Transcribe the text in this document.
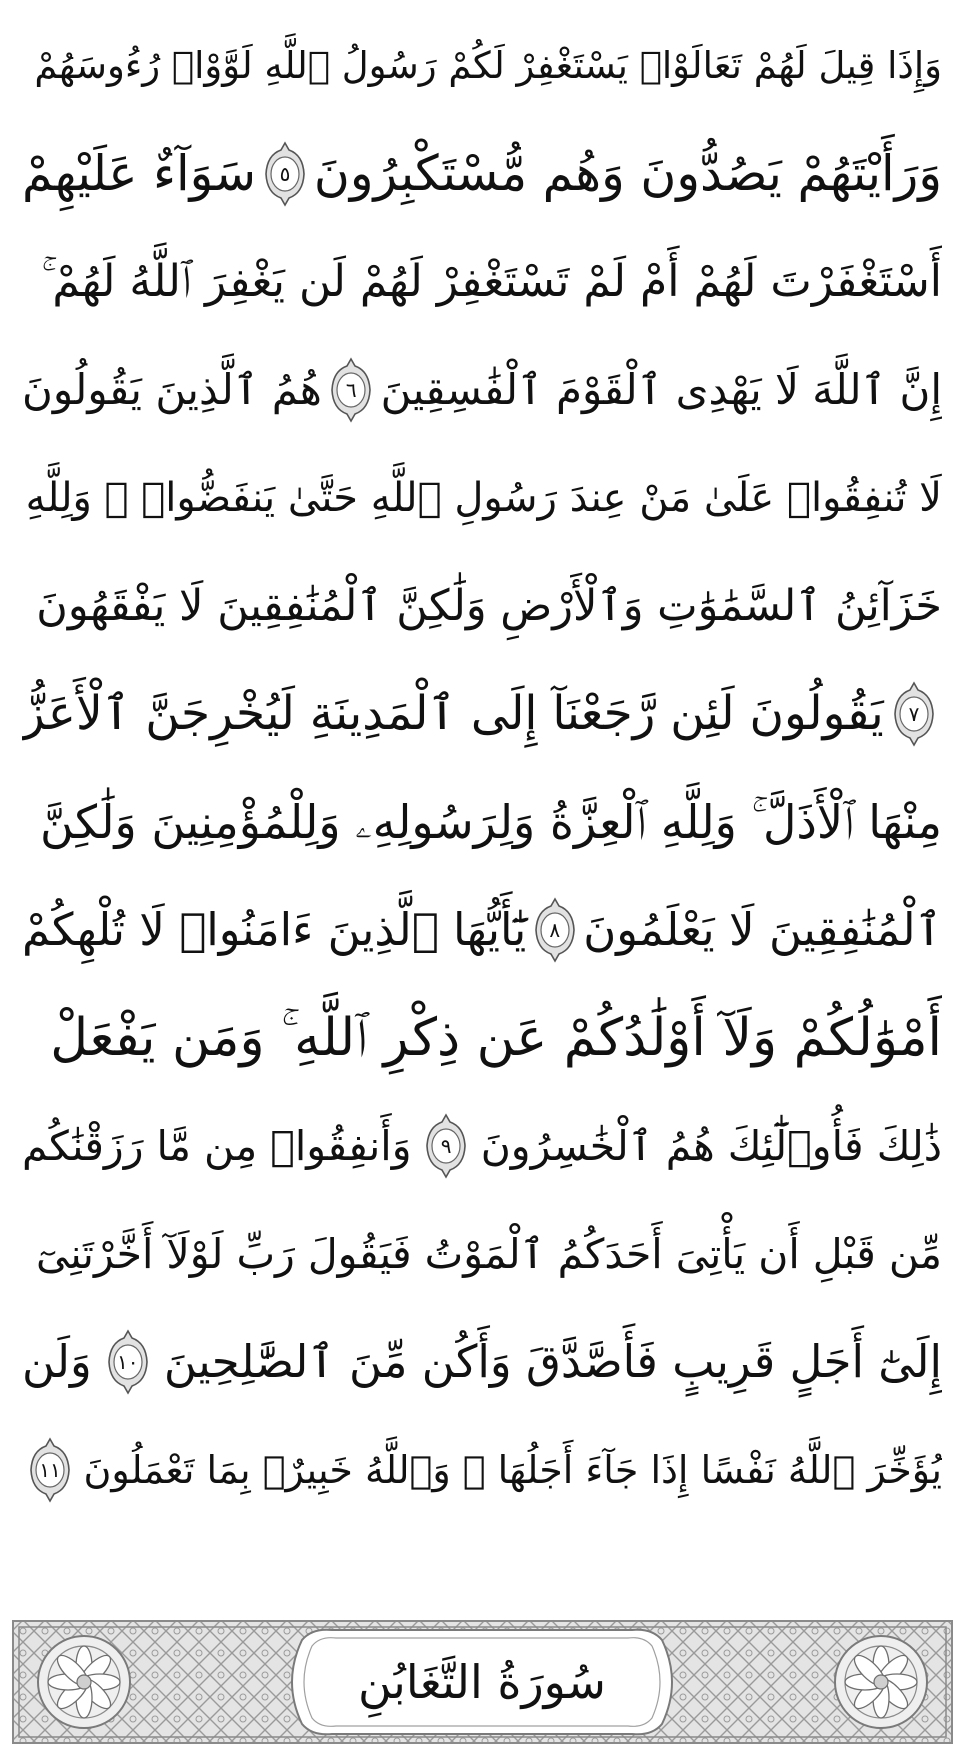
وَإِذَا قِيلَ لَهُمْ تَعَالَوْا۟ يَسْتَغْفِرْ لَكُمْ رَسُولُ ٱللَّهِ لَوَّوْا۟ رُءُوسَهُمْ
وَرَأَيْتَهُمْ يَصُدُّونَ وَهُم مُّسْتَكْبِرُونَ
٥
سَوَآءٌ عَلَيْهِمْ
أَسْتَغْفَرْتَ لَهُمْ أَمْ لَمْ تَسْتَغْفِرْ لَهُمْ لَن يَغْفِرَ ٱللَّهُ لَهُمْ ۚ
إِنَّ ٱللَّهَ لَا يَهْدِى ٱلْقَوْمَ ٱلْفَٰسِقِينَ
٦
هُمُ ٱلَّذِينَ يَقُولُونَ
لَا تُنفِقُوا۟ عَلَىٰ مَنْ عِندَ رَسُولِ ٱللَّهِ حَتَّىٰ يَنفَضُّوا۟ ۗ وَلِلَّهِ
خَزَآئِنُ ٱلسَّمَٰوَٰتِ وَٱلْأَرْضِ وَلَٰكِنَّ ٱلْمُنَٰفِقِينَ لَا يَفْقَهُونَ
٧
يَقُولُونَ لَئِن رَّجَعْنَآ إِلَى ٱلْمَدِينَةِ لَيُخْرِجَنَّ ٱلْأَعَزُّ
مِنْهَا ٱلْأَذَلَّ ۚ وَلِلَّهِ ٱلْعِزَّةُ وَلِرَسُولِهِۦ وَلِلْمُؤْمِنِينَ وَلَٰكِنَّ
ٱلْمُنَٰفِقِينَ لَا يَعْلَمُونَ
٨
يَٰٓأَيُّهَا ٱلَّذِينَ ءَامَنُوا۟ لَا تُلْهِكُمْ
أَمْوَٰلُكُمْ وَلَآ أَوْلَٰدُكُمْ عَن ذِكْرِ ٱللَّهِ ۚ وَمَن يَفْعَلْ
ذَٰلِكَ فَأُو۟لَٰٓئِكَ هُمُ ٱلْخَٰسِرُونَ
٩
وَأَنفِقُوا۟ مِن مَّا رَزَقْنَٰكُم
مِّن قَبْلِ أَن يَأْتِىَ أَحَدَكُمُ ٱلْمَوْتُ فَيَقُولَ رَبِّ لَوْلَآ أَخَّرْتَنِىٓ
إِلَىٰٓ أَجَلٍ قَرِيبٍ فَأَصَّدَّقَ وَأَكُن مِّنَ ٱلصَّٰلِحِينَ
١٠
وَلَن
يُؤَخِّرَ ٱللَّهُ نَفْسًا إِذَا جَآءَ أَجَلُهَا ۚ وَٱللَّهُ خَبِيرٌۢ بِمَا تَعْمَلُونَ
١١
سُورَةُ التَّغَابُنِ
